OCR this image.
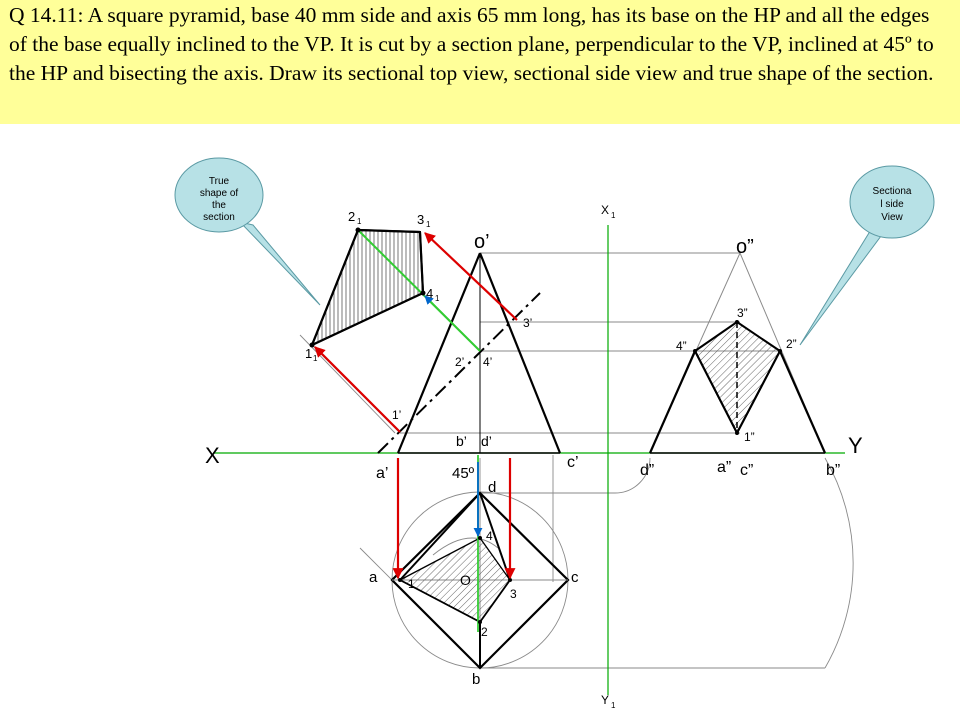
Q 14.11: A square pyramid, base 40 mm side and axis 65 mm long, has its base on the HP and all the edges of the base equally inclined to the VP. It is cut by a section plane, perpendicular to the VP, inclined at 45º to the HP and bisecting the axis. Draw its sectional top view, sectional side view and true shape of the section.
True
shape of
the
section
Sectiona
l side
View
X	Y
X 1
Y 1
45º
o’
1’
2’
3’
4’
b’ d’
a’
c’
o”
3”
2”
4”
1”
d”	a” c”	b”
a	c
d
b
O
1
2
3
4
2 1	3 1
4 1
1 1
